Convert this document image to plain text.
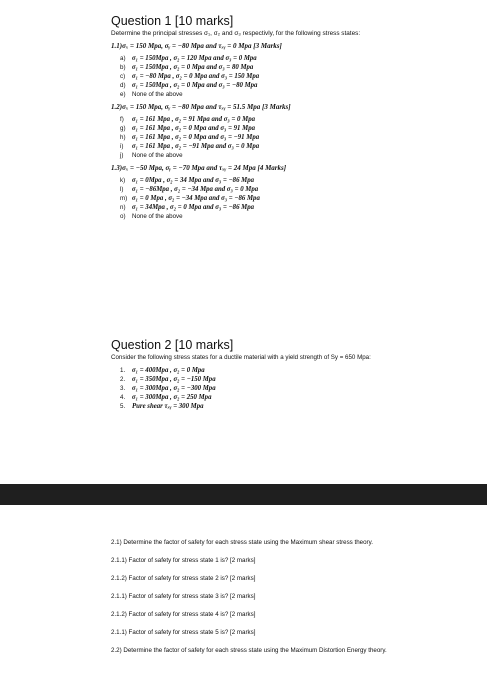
Question 1 [10 marks]

Determine the principal stresses σ₁, σ₂ and σ₃ respectivly, for the following stress states:

1.1)σₓ = 150 Mpa, σᵧ = −80 Mpa and τₓᵧ = 0 Mpa [3 Marks]

a) σ₁ = 150Mpa , σ₂ = 120 Mpa and σ₃ = 0 Mpa
b) σ₁ = 150Mpa , σ₂ = 0 Mpa and σ₃ = 80 Mpa
c)	σ₁ = −80 Mpa , σ₂ = 0 Mpa and σ₃ = 150 Mpa
d) σ₁ = 150Mpa , σ₂ = 0 Mpa and σ₃ = −80 Mpa
e)	None of the above

1.2)σₓ = 150 Mpa, σᵧ = −80 Mpa and τₓᵧ = 51.5 Mpa [3 Marks]

f)	σ₁ = 161 Mpa , σ₂ = 91 Mpa and σ₃ = 0 Mpa
g) σ₁ = 161 Mpa , σ₂ = 0 Mpa and σ₃ = 91 Mpa
h) σ₁ = 161 Mpa , σ₂ = 0 Mpa and σ₃ = −91 Mpa
i)	σ₁ = 161 Mpa , σ₂ = −91 Mpa and σ₃ = 0 Mpa
j)	None of the above

1.3)σₓ = −50 Mpa, σᵧ = −70 Mpa and τₓᵧ = 24 Mpa [4 Marks]

k)	σ₁ = 0Mpa , σ₂ = 34 Mpa and σ₃ = −86 Mpa
l)	σ₁ = −86Mpa , σ₂ = −34 Mpa and σ₃ = 0 Mpa
m) σ₁ = 0 Mpa , σ₂ = −34 Mpa and σ₃ = −86 Mpa
n) σ₁ = 34Mpa , σ₂ = 0 Mpa and σ₃ = −86 Mpa
o)	None of the above
Question 2 [10 marks]

Consider the following stress states for a ductile material with a yield strength of Sy = 650 Mpa:

1.	σ₁ = 400Mpa , σ₂ = 0 Mpa
2.	σ₁ = 350Mpa , σ₂ = −150 Mpa
3.	σ₁ = 300Mpa , σ₂ = −300 Mpa
4.	σ₁ = 300Mpa , σ₂ = 250 Mpa
5.	Pure shear τₓᵧ = 300 Mpa

2.1) Determine the factor of safety for each stress state using the Maximum shear stress theory.

2.1.1) Factor of safety for stress state 1 is? [2 marks]

2.1.2) Factor of safety for stress state 2 is? [2 marks]

2.1.1) Factor of safety for stress state 3 is? [2 marks]

2.1.2) Factor of safety for stress state 4 is? [2 marks]

2.1.1) Factor of safety for stress state 5 is? [2 marks]

2.2) Determine the factor of safety for each stress state using the Maximum Distortion Energy theory.
